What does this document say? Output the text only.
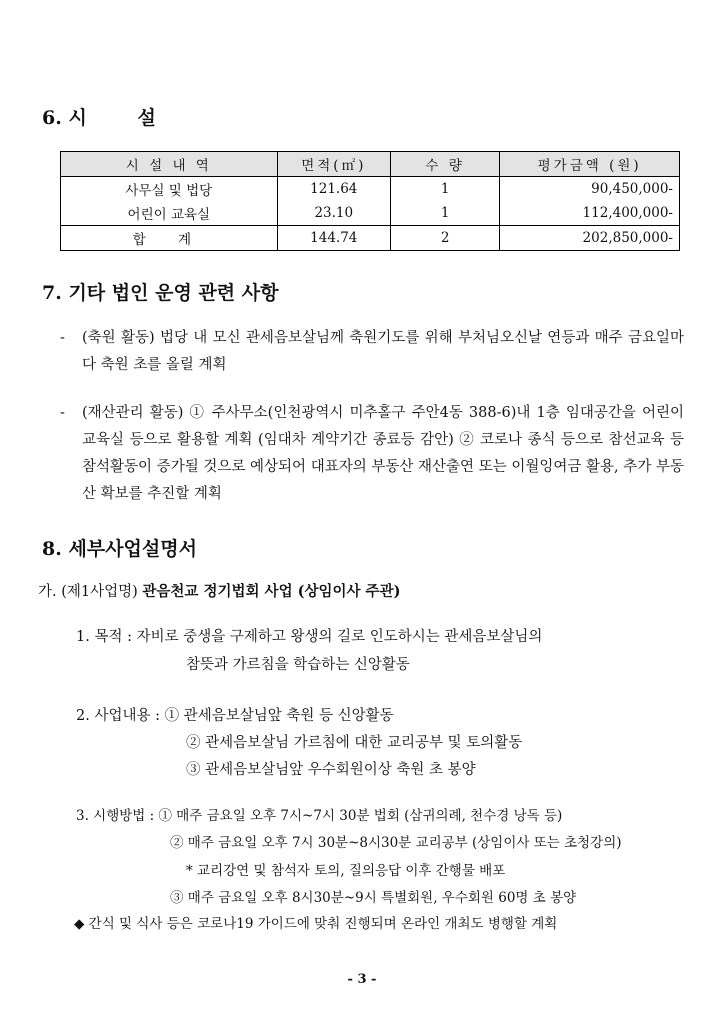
6. 시 설
시 설 내 역	면적(㎡)	수 량	평가금액 (원)
사무실 및 법당	121.64	1	90,450,000-
어린이 교육실	23.10	1	112,400,000-
합 계	144.74	2	202,850,000-
7. 기타 법인 운영 관련 사항
- (축원 활동) 법당 내 모신 관세음보살님께 축원기도를 위해 부처님오신날 연등과 매주 금요일마다 축원 초를 올릴 계획
- (재산관리 활동) ① 주사무소(인천광역시 미추홀구 주안4동 388-6)내 1층 임대공간을 어린이 교육실 등으로 활용할 계획 (임대차 계약기간 종료등 감안) ② 코로나 종식 등으로 참선교육 등 참석활동이 증가될 것으로 예상되어 대표자의 부동산 재산출연 또는 이월잉여금 활용, 추가 부동산 확보를 추진할 계획
8. 세부사업설명서
가. (제1사업명) 관음천교 정기법회 사업 (상임이사 주관)
1. 목적 : 자비로 중생을 구제하고 왕생의 길로 인도하시는 관세음보살님의
참뜻과 가르침을 학습하는 신앙활동
2. 사업내용 : ① 관세음보살님앞 축원 등 신앙활동
② 관세음보살님 가르침에 대한 교리공부 및 토의활동
③ 관세음보살님앞 우수회원이상 축원 초 봉양
3. 시행방법 : ① 매주 금요일 오후 7시~7시 30분 법회 (삼귀의례, 천수경 낭독 등)
② 매주 금요일 오후 7시 30분~8시30분 교리공부 (상임이사 또는 초청강의)
* 교리강연 및 참석자 토의, 질의응답 이후 간행물 배포
③ 매주 금요일 오후 8시30분~9시 특별회원, 우수회원 60명 초 봉양
◆ 간식 및 식사 등은 코로나19 가이드에 맞춰 진행되며 온라인 개최도 병행할 계획
- 3 -
